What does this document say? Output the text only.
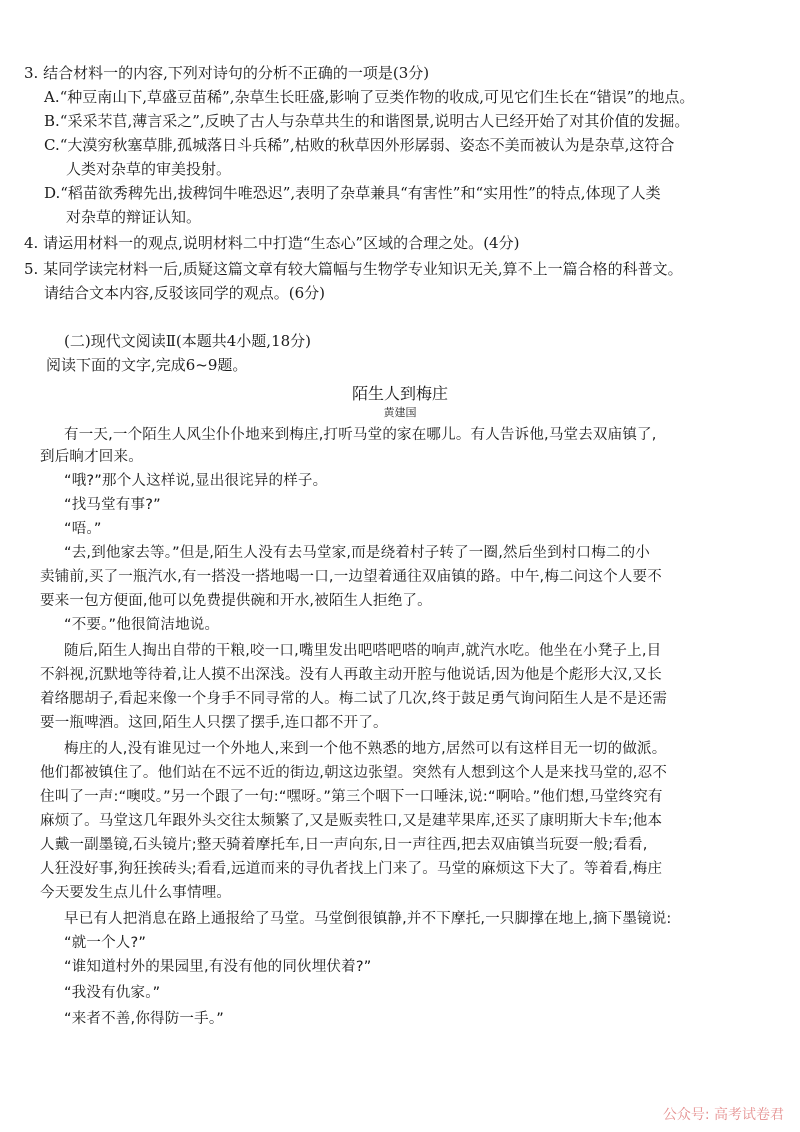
3. 结合材料一的内容,下列对诗句的分析不正确的一项是(3分)
A.“种豆南山下,草盛豆苗稀”,杂草生长旺盛,影响了豆类作物的收成,可见它们生长在“错误”的地点。
B.“采采芣苢,薄言采之”,反映了古人与杂草共生的和谐图景,说明古人已经开始了对其价值的发掘。
C.“大漠穷秋塞草腓,孤城落日斗兵稀”,枯败的秋草因外形孱弱、姿态不美而被认为是杂草,这符合
人类对杂草的审美投射。
D.“稻苗欲秀稗先出,拔稗饲牛唯恐迟”,表明了杂草兼具“有害性”和“实用性”的特点,体现了人类
对杂草的辩证认知。
4. 请运用材料一的观点,说明材料二中打造“生态心”区域的合理之处。(4分)
5. 某同学读完材料一后,质疑这篇文章有较大篇幅与生物学专业知识无关,算不上一篇合格的科普文。
请结合文本内容,反驳该同学的观点。(6分)
(二)现代文阅读Ⅱ(本题共4小题,18分)
阅读下面的文字,完成6~9题。
陌生人到梅庄
黄建国
有一天,一个陌生人风尘仆仆地来到梅庄,打听马堂的家在哪儿。有人告诉他,马堂去双庙镇了,
到后晌才回来。
“哦?”那个人这样说,显出很诧异的样子。
“找马堂有事?”
“唔。”
“去,到他家去等。”但是,陌生人没有去马堂家,而是绕着村子转了一圈,然后坐到村口梅二的小
卖铺前,买了一瓶汽水,有一搭没一搭地喝一口,一边望着通往双庙镇的路。中午,梅二问这个人要不
要来一包方便面,他可以免费提供碗和开水,被陌生人拒绝了。
“不要。”他很简洁地说。
随后,陌生人掏出自带的干粮,咬一口,嘴里发出吧嗒吧嗒的响声,就汽水吃。他坐在小凳子上,目
不斜视,沉默地等待着,让人摸不出深浅。没有人再敢主动开腔与他说话,因为他是个彪形大汉,又长
着络腮胡子,看起来像一个身手不同寻常的人。梅二试了几次,终于鼓足勇气询问陌生人是不是还需
要一瓶啤酒。这回,陌生人只摆了摆手,连口都不开了。
梅庄的人,没有谁见过一个外地人,来到一个他不熟悉的地方,居然可以有这样目无一切的做派。
他们都被镇住了。他们站在不远不近的街边,朝这边张望。突然有人想到这个人是来找马堂的,忍不
住叫了一声:“噢哎。”另一个跟了一句:“嘿呀。”第三个咽下一口唾沫,说:“啊哈。”他们想,马堂终究有
麻烦了。马堂这几年跟外头交往太频繁了,又是贩卖牲口,又是建苹果库,还买了康明斯大卡车;他本
人戴一副墨镜,石头镜片;整天骑着摩托车,日一声向东,日一声往西,把去双庙镇当玩耍一般;看看,
人狂没好事,狗狂挨砖头;看看,远道而来的寻仇者找上门来了。马堂的麻烦这下大了。等着看,梅庄
今天要发生点儿什么事情哩。
早已有人把消息在路上通报给了马堂。马堂倒很镇静,并不下摩托,一只脚撑在地上,摘下墨镜说:
“就一个人?”
“谁知道村外的果园里,有没有他的同伙埋伏着?”
“我没有仇家。”
“来者不善,你得防一手。”
公众号: 高考试卷君
